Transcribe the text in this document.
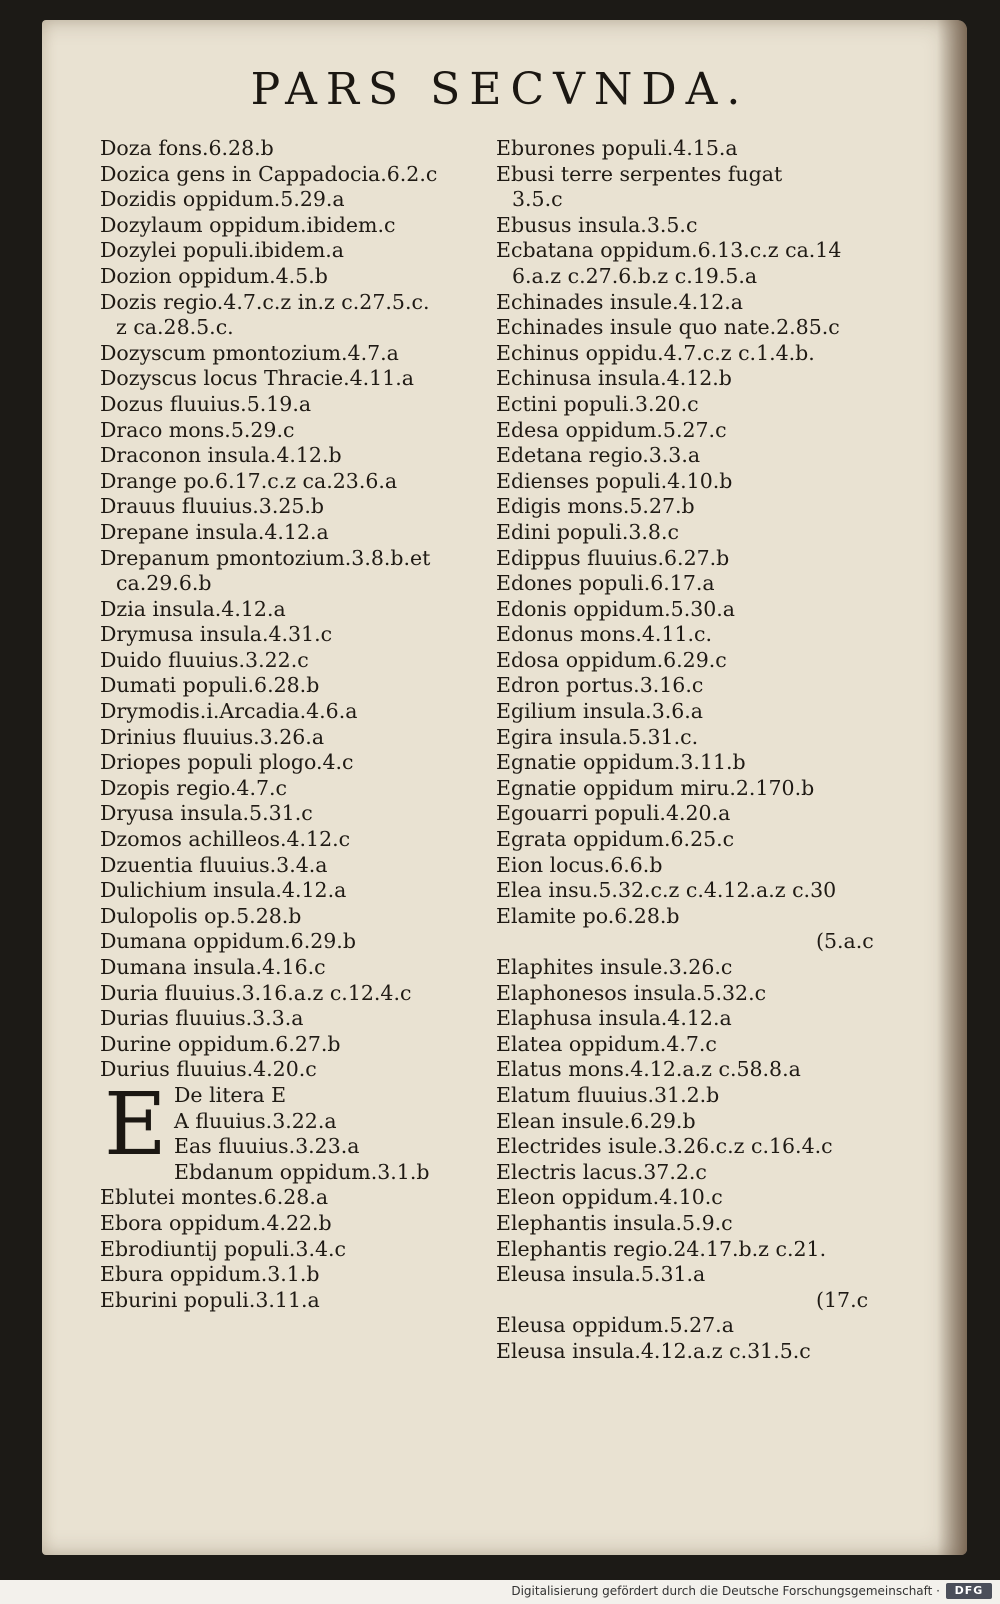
PARS SECVNDA.
Doza fons.6.28.b
Dozica gens in Cappadocia.6.2.c
Dozidis oppidum.5.29.a
Dozylaum oppidum.ibidem.c
Dozylei populi.ibidem.a
Dozion oppidum.4.5.b
Dozis regio.4.7.c.z in.z c.27.5.c.
z ca.28.5.c.
Dozyscum pmontozium.4.7.a
Dozyscus locus Thracie.4.11.a
Dozus fluuius.5.19.a
Draco mons.5.29.c
Draconon insula.4.12.b
Drange po.6.17.c.z ca.23.6.a
Drauus fluuius.3.25.b
Drepane insula.4.12.a
Drepanum pmontozium.3.8.b.et
ca.29.6.b
Dzia insula.4.12.a
Drymusa insula.4.31.c
Duido fluuius.3.22.c
Dumati populi.6.28.b
Drymodis.i.Arcadia.4.6.a
Drinius fluuius.3.26.a
Driopes populi plogo.4.c
Dzopis regio.4.7.c
Dryusa insula.5.31.c
Dzomos achilleos.4.12.c
Dzuentia fluuius.3.4.a
Dulichium insula.4.12.a
Dulopolis op.5.28.b
Dumana oppidum.6.29.b
Dumana insula.4.16.c
Duria fluuius.3.16.a.z c.12.4.c
Durias fluuius.3.3.a
Durine oppidum.6.27.b
Durius fluuius.4.20.c
De litera E
A fluuius.3.22.a
Eas fluuius.3.23.a
Ebdanum oppidum.3.1.b
Eblutei montes.6.28.a
Ebora oppidum.4.22.b
Ebrodiuntij populi.3.4.c
Ebura oppidum.3.1.b
Eburini populi.3.11.a
E
Eburones populi.4.15.a
Ebusi terre serpentes fugat
3.5.c
Ebusus insula.3.5.c
Ecbatana oppidum.6.13.c.z ca.14
6.a.z c.27.6.b.z c.19.5.a
Echinades insule.4.12.a
Echinades insule quo nate.2.85.c
Echinus oppidu.4.7.c.z c.1.4.b.
Echinusa insula.4.12.b
Ectini populi.3.20.c
Edesa oppidum.5.27.c
Edetana regio.3.3.a
Edienses populi.4.10.b
Edigis mons.5.27.b
Edini populi.3.8.c
Edippus fluuius.6.27.b
Edones populi.6.17.a
Edonis oppidum.5.30.a
Edonus mons.4.11.c.
Edosa oppidum.6.29.c
Edron portus.3.16.c
Egilium insula.3.6.a
Egira insula.5.31.c.
Egnatie oppidum.3.11.b
Egnatie oppidum miru.2.170.b
Egouarri populi.4.20.a
Egrata oppidum.6.25.c
Eion locus.6.6.b
Elea insu.5.32.c.z c.4.12.a.z c.30
Elamite po.6.28.b
(5.a.c
Elaphites insule.3.26.c
Elaphonesos insula.5.32.c
Elaphusa insula.4.12.a
Elatea oppidum.4.7.c
Elatus mons.4.12.a.z c.58.8.a
Elatum fluuius.31.2.b
Elean insule.6.29.b
Electrides isule.3.26.c.z c.16.4.c
Electris lacus.37.2.c
Eleon oppidum.4.10.c
Elephantis insula.5.9.c
Elephantis regio.24.17.b.z c.21.
Eleusa insula.5.31.a
(17.c
Eleusa oppidum.5.27.a
Eleusa insula.4.12.a.z c.31.5.c
Digitalisierung gefördert durch die Deutsche Forschungsgemeinschaft ·	DFG
